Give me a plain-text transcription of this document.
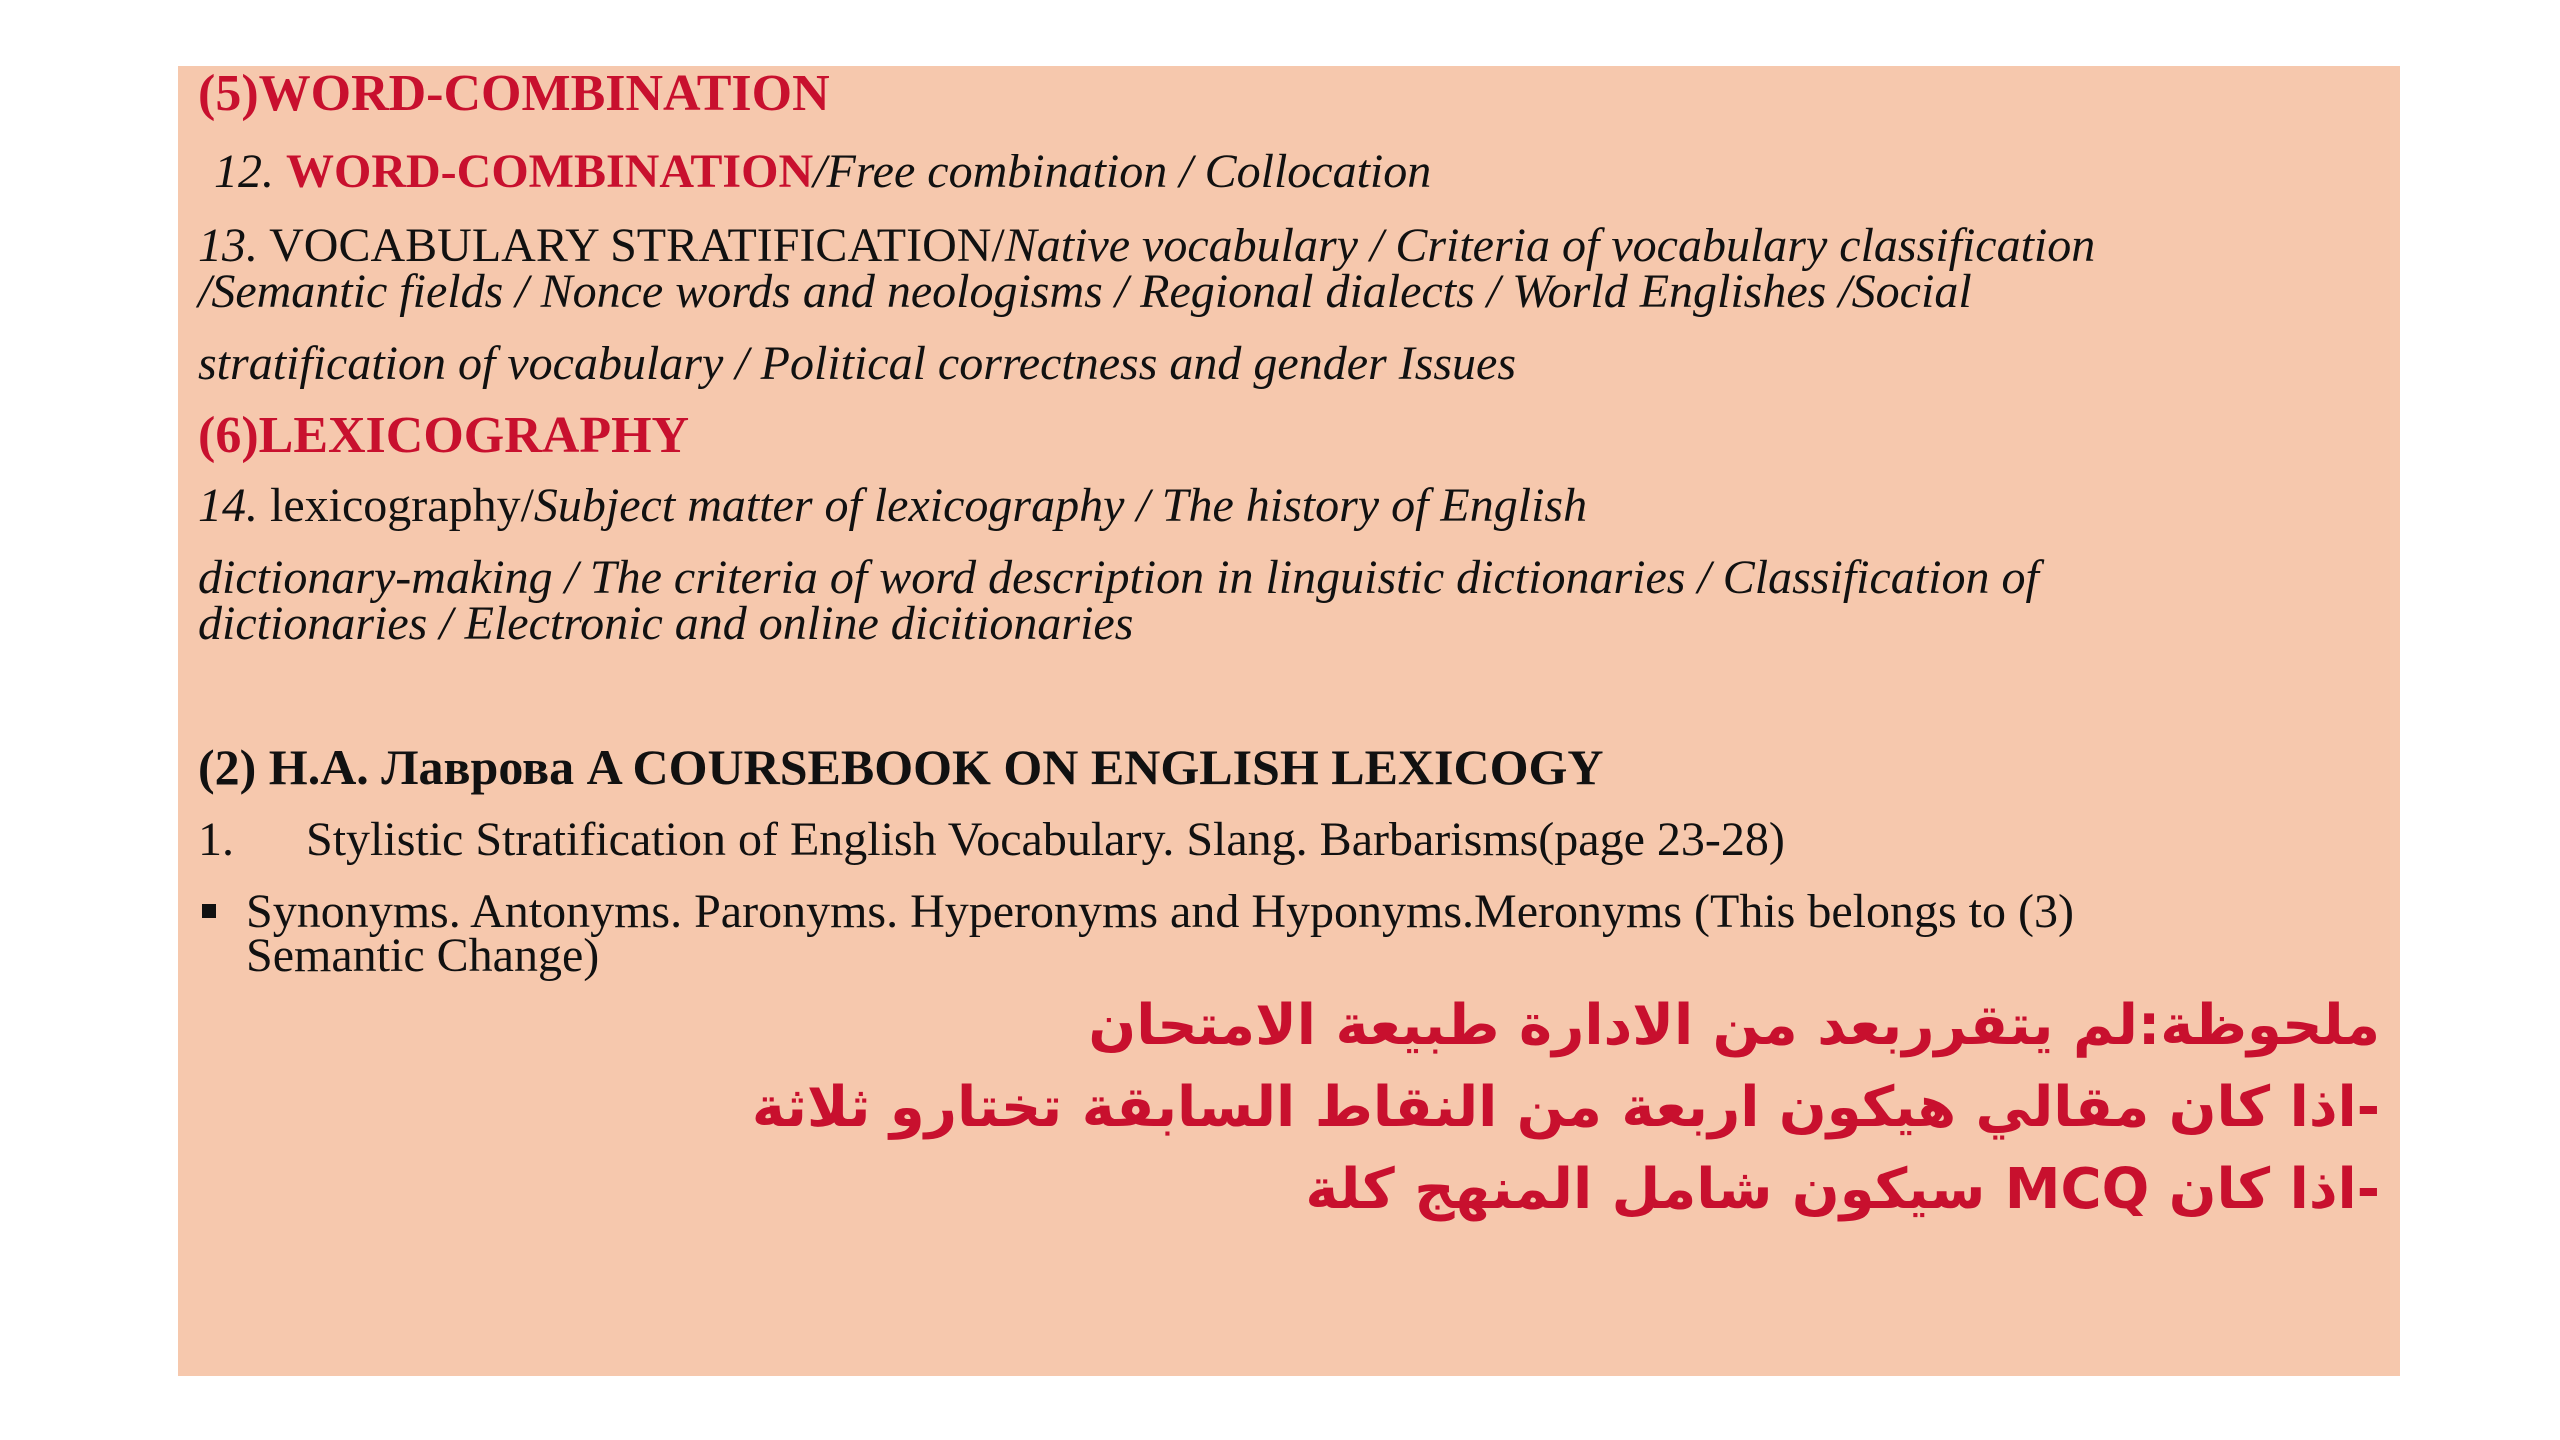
(5)WORD-COMBINATION
12. WORD-COMBINATION/Free combination / Collocation
13. VOCABULARY STRATIFICATION/Native vocabulary / Criteria of vocabulary classification
/Semantic fields / Nonce words and neologisms / Regional dialects / World Englishes /Social
stratification of vocabulary / Political correctness and gender Issues
(6)LEXICOGRAPHY
14. lexicography/Subject matter of lexicography / The history of English
dictionary-making / The criteria of word description in linguistic dictionaries / Classification of
dictionaries / Electronic and online dicitionaries
(2) Н.А. Лаврова A COURSEBOOK ON ENGLISH LEXICOGY
1. Stylistic Stratification of English Vocabulary. Slang. Barbarisms(page 23-28)
Synonyms. Antonyms. Paronyms. Hyperonyms and Hyponyms.Meronyms (This belongs to (3)
Semantic Change)
ملحوظة:لم يتقرربعد من الادارة طبيعة الامتحان
-اذا كان مقالي هيكون اربعة من النقاط السابقة تختارو ثلاثة
-اذا كان MCQ سيكون شامل المنهج كلة
